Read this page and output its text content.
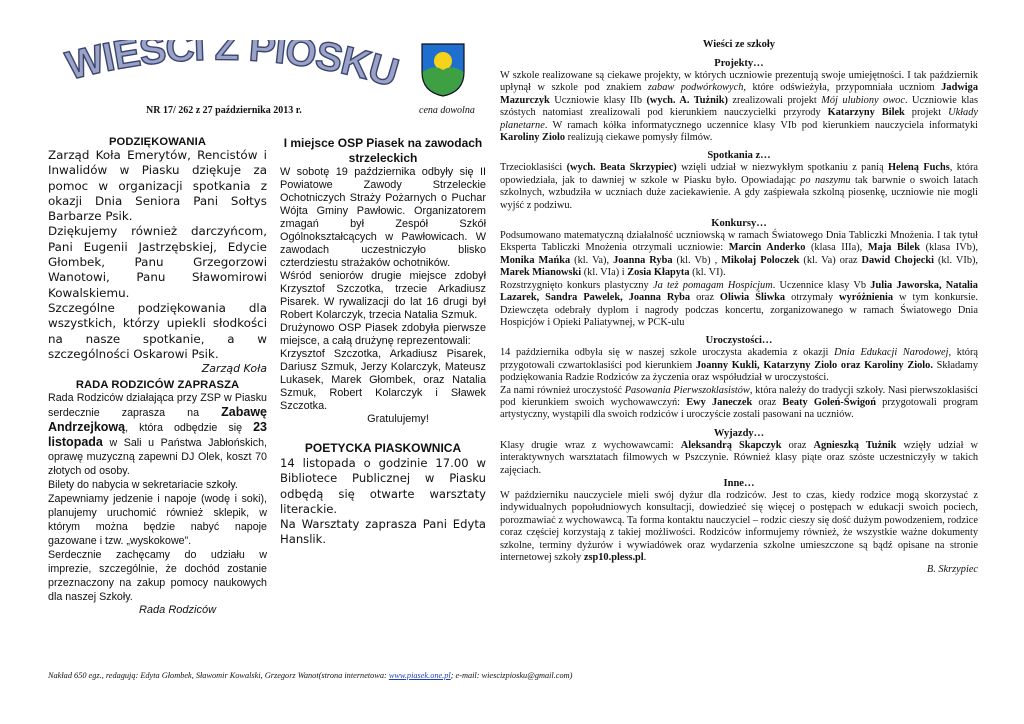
WIEŚCI Z PIOSKU
NR 17/ 262 z 27 października 2013 r.	cena dowolna
PODZIĘKOWANIA

Zarząd Koła Emerytów, Rencistów i Inwalidów w Piasku dziękuje za pomoc w organizacji spotkania z okazji Dnia Seniora Pani Sołtys Barbarze Psik.

Dziękujemy również darczyńcom, Pani Eugenii Jastrzębskiej, Edycie Głombek, Panu Grzegorzowi Wanotowi, Panu Sławomirowi Kowalskiemu.

Szczególne podziękowania dla wszystkich, którzy upiekli słodkości na nasze spotkanie, a w szczególności Oskarowi Psik.

Zarząd Koła
RADA RODZICÓW ZAPRASZA

Rada Rodziców działająca przy ZSP w Piasku serdecznie zaprasza na Zabawę Andrzejkową, która odbędzie się 23 listopada w Sali u Państwa Jabłońskich, oprawę muzyczną zapewni DJ Olek, koszt 70 złotych od osoby.

Bilety do nabycia w sekretariacie szkoły.

Zapewniamy jedzenie i napoje (wodę i soki), planujemy uruchomić również sklepik, w którym można będzie nabyć napoje gazowane i tzw. „wyskokowe”.

Serdecznie zachęcamy do udziału w imprezie, szczególnie, że dochód zostanie przeznaczony na zakup pomocy naukowych dla naszej Szkoły.

Rada Rodziców
I miejsce OSP Piasek na zawodach strzeleckich

W sobotę 19 października odbyły się II Powiatowe Zawody Strzeleckie Ochotniczych Straży Pożarnych o Puchar Wójta Gminy Pawłowic. Organizatorem zmagań był Zespół Szkół Ogólnokształcących w Pawłowicach. W zawodach uczestniczyło blisko czterdziestu strażaków ochotników.

Wśród seniorów drugie miejsce zdobył Krzysztof Szczotka, trzecie Arkadiusz Pisarek. W rywalizacji do lat 16 drugi był Robert Kolarczyk, trzecia Natalia Szmuk.

Drużynowo OSP Piasek zdobyła pierwsze miejsce, a całą drużynę reprezentowali:

Krzysztof Szczotka, Arkadiusz Pisarek, Dariusz Szmuk, Jerzy Kolarczyk, Mateusz Lukasek, Marek Głombek, oraz Natalia Szmuk, Robert Kolarczyk i Sławek Szczotka.

Gratulujemy!
POETYCKA PIASKOWNICA

14 listopada o godzinie 17.00 w Bibliotece Publicznej w Piasku odbędą się otwarte warsztaty literackie.

Na Warsztaty zaprasza Pani Edyta Hanslik.

Wieści ze szkoły
Projekty…

W szkole realizowane są ciekawe projekty, w których uczniowie prezentują swoje umiejętności. I tak październik upłynął w szkole pod znakiem zabaw podwórkowych, które odświeżyła, przypomniała uczniom Jadwiga Mazurczyk Uczniowie klasy IIb (wych. A. Tużnik) zrealizowali projekt Mój ulubiony owoc. Uczniowie klas szóstych natomiast zrealizowali pod kierunkiem nauczycielki przyrody Katarzyny Bilek projekt Układy planetarne. W ramach kółka informatycznego uczennice klasy VIb pod kierunkiem nauczyciela informatyki Karoliny Ziolo realizują ciekawe pomysły filmów.

Spotkania z…

Trzecioklasiści (wych. Beata Skrzypiec) wzięli udział w niezwykłym spotkaniu z panią Heleną Fuchs, która opowiedziała, jak to dawniej w szkole w Piasku było. Opowiadając po naszymu tak barwnie o swoich latach szkolnych, wzbudziła w uczniach duże zaciekawienie. A gdy zaśpiewała szkolną piosenkę, uczniowie nie mogli wyjść z podziwu.

Konkursy…

Podsumowano matematyczną działalność uczniowską w ramach Światowego Dnia Tabliczki Mnożenia. I tak tytuł Eksperta Tabliczki Mnożenia otrzymali uczniowie: Marcin Anderko (klasa IIIa), Maja Bilek (klasa IVb), Monika Mańka (kl. Va), Joanna Ryba (kl. Vb) , Mikołaj Poloczek (kl. Va) oraz Dawid Chojecki (kl. VIb), Marek Mianowski (kl. VIa) i Zosia Kłapyta (kl. VI).

Rozstrzygnięto konkurs plastyczny Ja też pomagam Hospicjum. Uczennice klasy Vb Julia Jaworska, Natalia Lazarek, Sandra Pawelek, Joanna Ryba oraz Oliwia Śliwka otrzymały wyróżnienia w tym konkursie. Dziewczęta odebrały dyplom i nagrody podczas koncertu, zorganizowanego w ramach Światowego Dnia Hospicjów i Opieki Paliatywnej, w PCK-ulu

Uroczystości…

14 października odbyła się w naszej szkole uroczysta akademia z okazji Dnia Edukacji Narodowej, którą przygotowali czwartoklasiści pod kierunkiem Joanny Kukli, Katarzyny Ziolo oraz Karoliny Ziolo. Składamy podziękowania Radzie Rodziców za życzenia oraz współudział w uroczystości.

Za nami również uroczystość Pasowania Pierwszoklasistów, która należy do tradycji szkoły. Nasi pierwszoklasiści pod kierunkiem swoich wychowawczyń: Ewy Janeczek oraz Beaty Goleń-Świgoń przygotowali program artystyczny, wystąpili dla swoich rodziców i uroczyście zostali pasowani na uczniów.

Wyjazdy…

Klasy drugie wraz z wychowawcami: Aleksandrą Skapczyk oraz Agnieszką Tużnik wzięły udział w interaktywnych warsztatach filmowych w Pszczynie. Również klasy piąte oraz szóste uczestniczyły w takich zajęciach.

Inne…

W październiku nauczyciele mieli swój dyżur dla rodziców. Jest to czas, kiedy rodzice mogą skorzystać z indywidualnych popołudniowych konsultacji, dowiedzieć się więcej o postępach w edukacji swoich pociech, porozmawiać z wychowawcą. Ta forma kontaktu nauczyciel – rodzic cieszy się dość dużym powodzeniem, rodzice coraz częściej korzystają z takiej możliwości. Rodziców informujemy również, że wszystkie ważne dokumenty szkolne, terminy dyżurów i wywiadówek oraz wydarzenia szkolne umieszczone są bądź opisane na stronie internetowej szkoły zsp10.pless.pl.

B. Skrzypiec
Nakład 650 egz., redagują: Edyta Głombek, Sławomir Kowalski, Grzegorz Wanot(strona internetowa: www.piasek.one.pl; e-mail: wiescizpiosku@gmail.com)
